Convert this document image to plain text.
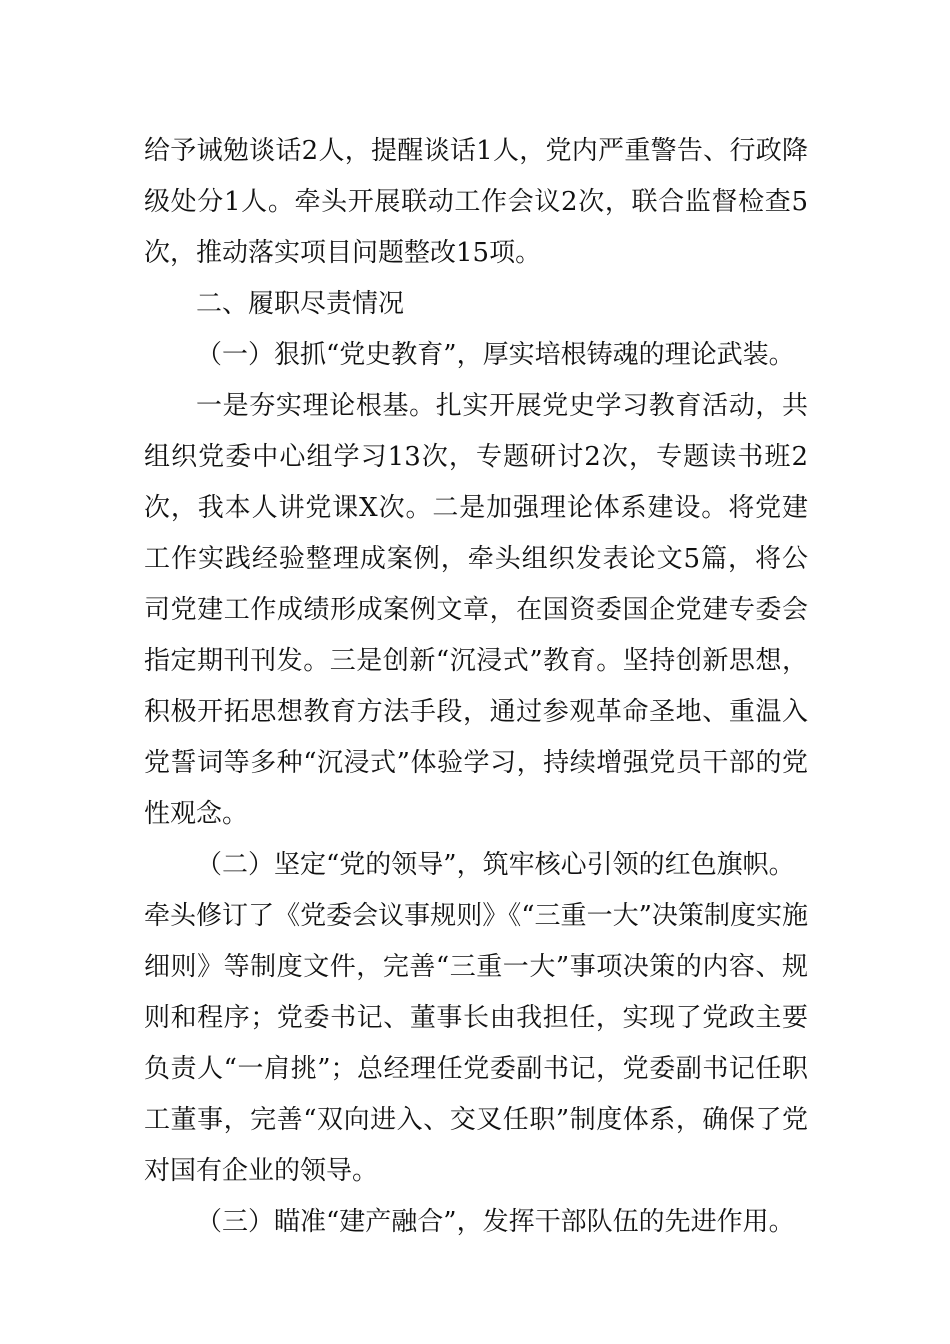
给予诫勉谈话2人，提醒谈话1人，党内严重警告、行政降级处分1人。牵头开展联动工作会议2次，联合监督检查5次，推动落实项目问题整改15项。

二、履职尽责情况

（一）狠抓“党史教育”，厚实培根铸魂的理论武装。

一是夯实理论根基。扎实开展党史学习教育活动，共组织党委中心组学习13次，专题研讨2次，专题读书班2次，我本人讲党课X次。二是加强理论体系建设。将党建工作实践经验整理成案例，牵头组织发表论文5篇，将公司党建工作成绩形成案例文章，在国资委国企党建专委会指定期刊刊发。三是创新“沉浸式”教育。坚持创新思想，积极开拓思想教育方法手段，通过参观革命圣地、重温入党誓词等多种“沉浸式”体验学习，持续增强党员干部的党性观念。

（二）坚定“党的领导”，筑牢核心引领的红色旗帜。

牵头修订了《党委会议事规则》《“三重一大”决策制度实施细则》等制度文件，完善“三重一大”事项决策的内容、规则和程序；党委书记、董事长由我担任，实现了党政主要负责人“一肩挑”；总经理任党委副书记，党委副书记任职工董事，完善“双向进入、交叉任职”制度体系，确保了党对国有企业的领导。

（三）瞄准“建产融合”，发挥干部队伍的先进作用。
